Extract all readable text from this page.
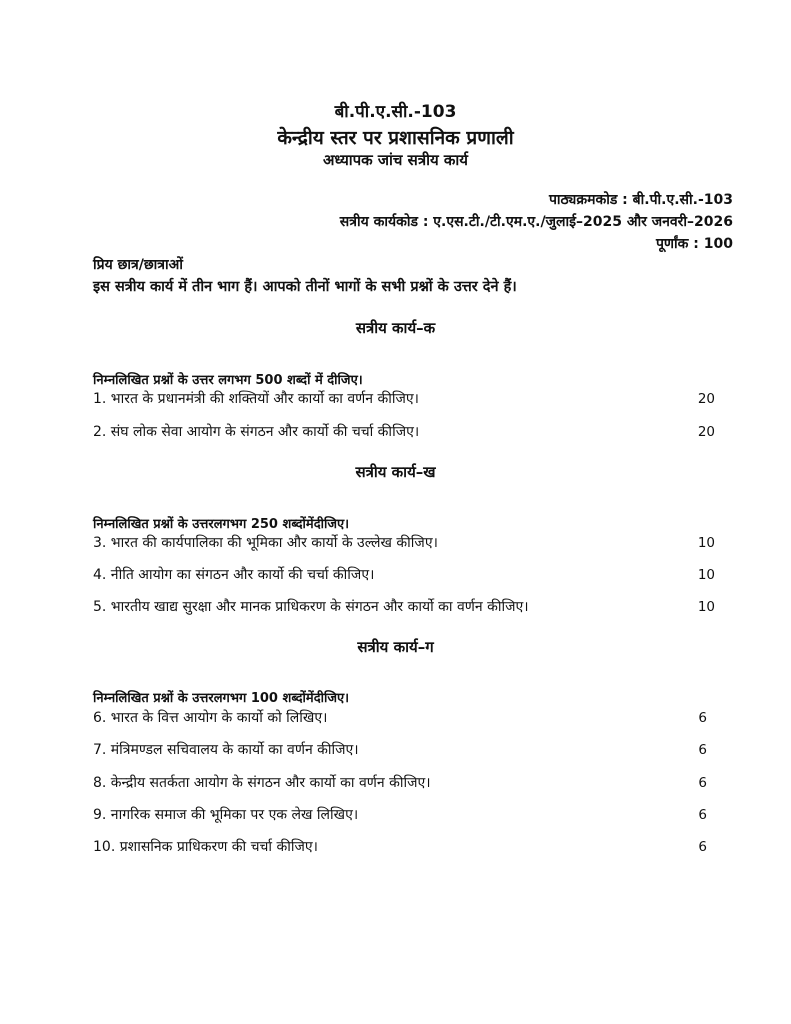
बी.पी.ए.सी.-103
केन्द्रीय स्तर पर प्रशासनिक प्रणाली
अध्यापक जांच सत्रीय कार्य
पाठ्यक्रमकोड : बी.पी.ए.सी.-103
सत्रीय कार्यकोड : ए.एस.टी./टी.एम.ए./जुलाई–2025 और जनवरी–2026
पूर्णांक : 100
प्रिय छात्र/छात्राओं
इस सत्रीय कार्य में तीन भाग हैं। आपको तीनों भागों के सभी प्रश्नों के उत्तर देने हैं।
सत्रीय कार्य–क
निम्नलिखित प्रश्नों के उत्तर लगभग 500 शब्दों में दीजिए।
1. भारत के प्रधानमंत्री की शक्तियों और कार्यो का वर्णन कीजिए।	20
2. संघ लोक सेवा आयोग के संगठन और कार्यो की चर्चा कीजिए।	20
सत्रीय कार्य–ख
निम्नलिखित प्रश्नों के उत्तरलगभग 250 शब्दोंमेंदीजिए।
3. भारत की कार्यपालिका की भूमिका और कार्यो के उल्लेख कीजिए।	10
4. नीति आयोग का संगठन और कार्यो की चर्चा कीजिए।	10
5. भारतीय खाद्य सुरक्षा और मानक प्राधिकरण के संगठन और कार्यो का वर्णन कीजिए।	10
सत्रीय कार्य–ग
निम्नलिखित प्रश्नों के उत्तरलगभग 100 शब्दोंमेंदीजिए।
6. भारत के वित्त आयोग के कार्यो को लिखिए।	6
7. मंत्रिमण्डल सचिवालय के कार्यो का वर्णन कीजिए।	6
8. केन्द्रीय सतर्कता आयोग के संगठन और कार्यो का वर्णन कीजिए।	6
9. नागरिक समाज की भूमिका पर एक लेख लिखिए।	6
10. प्रशासनिक प्राधिकरण की चर्चा कीजिए।	6
